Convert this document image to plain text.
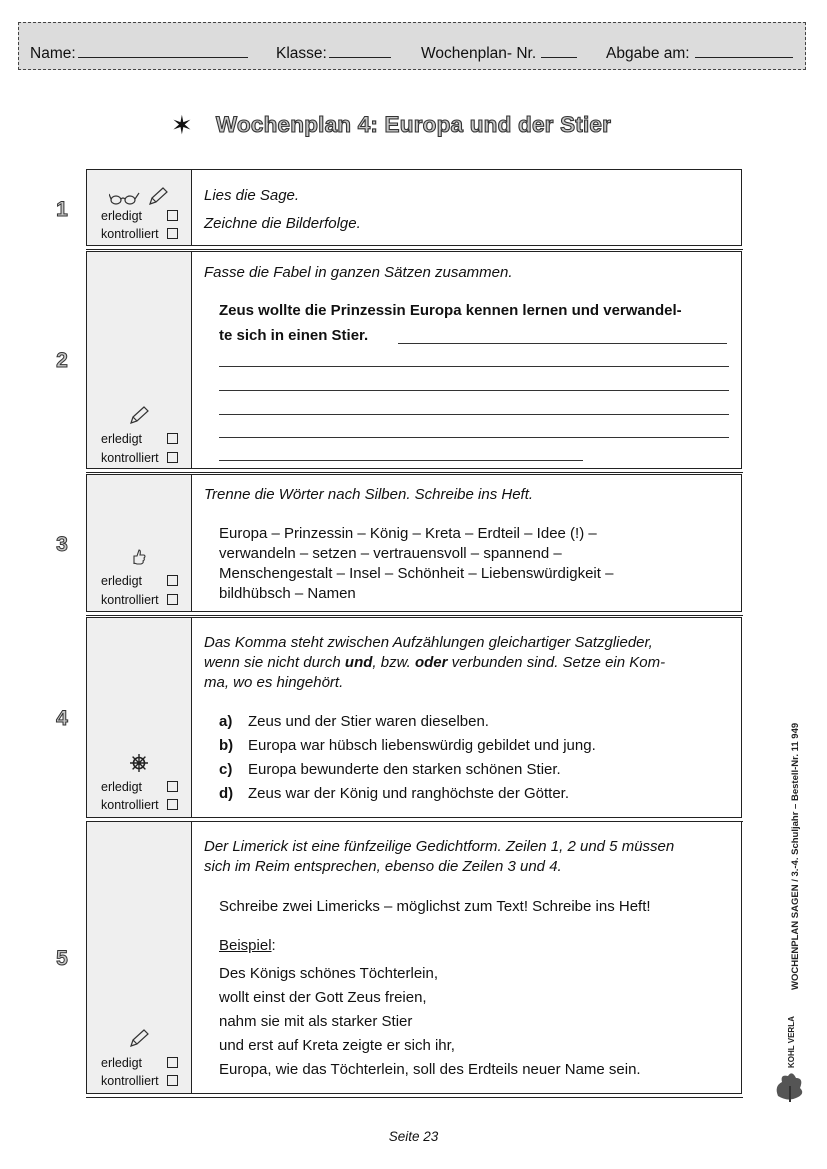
Name:	Klasse:	Wochenplan- Nr.	Abgabe am:
✶	Wochenplan 4: Europa und der Stier

erledigt
kontrolliert
1
Lies die Sage.
Zeichne die Bilderfolge.
erledigt
kontrolliert
2
Fasse die Fabel in ganzen Sätzen zusammen.
Zeus wollte die Prinzessin Europa kennen lernen und verwandel-
te sich in einen Stier.
erledigt
kontrolliert
3
Trenne die Wörter nach Silben. Schreibe ins Heft.
Europa – Prinzessin – König – Kreta – Erdteil – Idee (!) –
verwandeln – setzen – vertrauensvoll – spannend –
Menschengestalt – Insel – Schönheit – Liebenswürdigkeit –
bildhübsch – Namen
erledigt
kontrolliert
4
Das Komma steht zwischen Aufzählungen gleichartiger Satzglieder,
wenn sie nicht durch und, bzw. oder verbunden sind. Setze ein Kom-
ma, wo es hingehört.
a) Zeus und der Stier waren dieselben.
b) Europa war hübsch liebenswürdig gebildet und jung.
c) Europa bewunderte den starken schönen Stier.
d) Zeus war der König und ranghöchste der Götter.
erledigt
kontrolliert
5
Der Limerick ist eine fünfzeilige Gedichtform. Zeilen 1, 2 und 5 müssen
sich im Reim entsprechen, ebenso die Zeilen 3 und 4.
Schreibe zwei Limericks – möglichst zum Text! Schreibe ins Heft!
Beispiel:
Des Königs schönes Töchterlein,
wollt einst der Gott Zeus freien,
nahm sie mit als starker Stier
und erst auf Kreta zeigte er sich ihr,
Europa, wie das Töchterlein, soll des Erdteils neuer Name sein.
WOCHENPLAN SAGEN / 3.-4. Schuljahr – Bestell-Nr. 11 949
KOHL VERLAG
Seite 23
